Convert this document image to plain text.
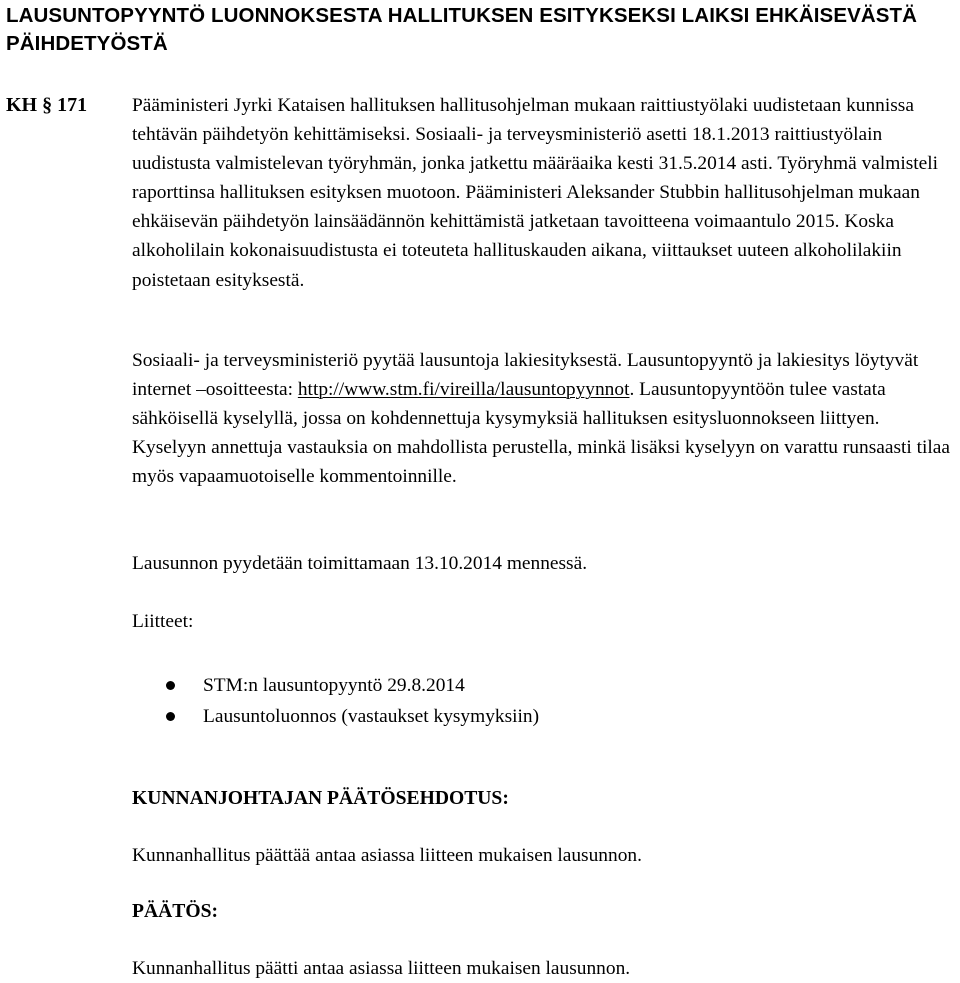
LAUSUNTOPYYNTÖ LUONNOKSESTA HALLITUKSEN ESITYKSEKSI LAIKSI EHKÄISEVÄSTÄ PÄIHDETYÖSTÄ
KH § 171 Pääministeri Jyrki Kataisen hallituksen hallitusohjelman mukaan raittiustyölaki uudistetaan kunnissa tehtävän päihdetyön kehittämiseksi. Sosiaali- ja terveysministeriö asetti 18.1.2013 raittiustyölain uudistusta valmistelevan työryhmän, jonka jatkettu määräaika kesti 31.5.2014 asti. Työryhmä valmisteli raporttinsa hallituksen esityksen muotoon. Pääministeri Aleksander Stubbin hallitusohjelman mukaan ehkäisevän päihdetyön lainsäädännön kehittämistä jatketaan tavoitteena voimaantulo 2015. Koska alkoholilain kokonaisuudistusta ei toteuteta hallituskauden aikana, viittaukset uuteen alkoholilakiin poistetaan esityksestä.

Sosiaali- ja terveysministeriö pyytää lausuntoja lakiesityksestä. Lausuntopyyntö ja lakiesitys löytyvät internet –osoitteesta: http://www.stm.fi/vireilla/lausuntopyynnot. Lausuntopyyntöön tulee vastata sähköisellä kyselyllä, jossa on kohdennettuja kysymyksiä hallituksen esitysluonnokseen liittyen. Kyselyyn annettuja vastauksia on mahdollista perustella, minkä lisäksi kyselyyn on varattu runsaasti tilaa myös vapaamuotoiselle kommentoinnille.

Lausunnon pyydetään toimittamaan 13.10.2014 mennessä.

Liitteet:

STM:n lausuntopyyntö 29.8.2014
Lausuntoluonnos (vastaukset kysymyksiin)
KUNNANJOHTAJAN PÄÄTÖSEHDOTUS:
Kunnanhallitus päättää antaa asiassa liitteen mukaisen lausunnon.
PÄÄTÖS:
Kunnanhallitus päätti antaa asiassa liitteen mukaisen lausunnon.
